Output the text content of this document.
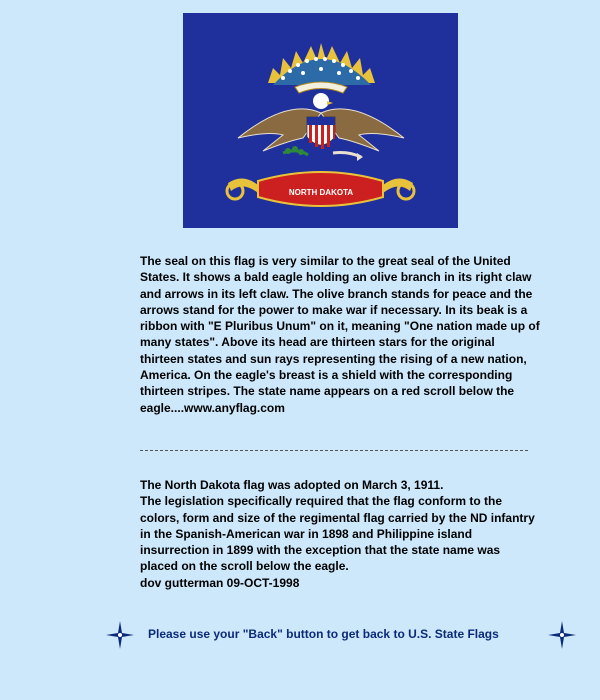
NORTH DAKOTA

The seal on this flag is very similar to the great seal of the United States. It shows a bald eagle holding an olive branch in its right claw and arrows in its left claw. The olive branch stands for peace and the arrows stand for the power to make war if necessary. In its beak is a ribbon with "E Pluribus Unum" on it, meaning "One nation made up of many states". Above its head are thirteen stars for the original thirteen states and sun rays representing the rising of a new nation, America. On the eagle's breast is a shield with the corresponding thirteen stripes. The state name appears on a red scroll below the eagle....www.anyflag.com

The North Dakota flag was adopted on March 3, 1911.
The legislation specifically required that the flag conform to the colors, form and size of the regimental flag carried by the ND infantry in the Spanish-American war in 1898 and Philippine island insurrection in 1899 with the exception that the state name was placed on the scroll below the eagle.
dov gutterman 09-OCT-1998
Please use your "Back" button to get back to U.S. State Flags
